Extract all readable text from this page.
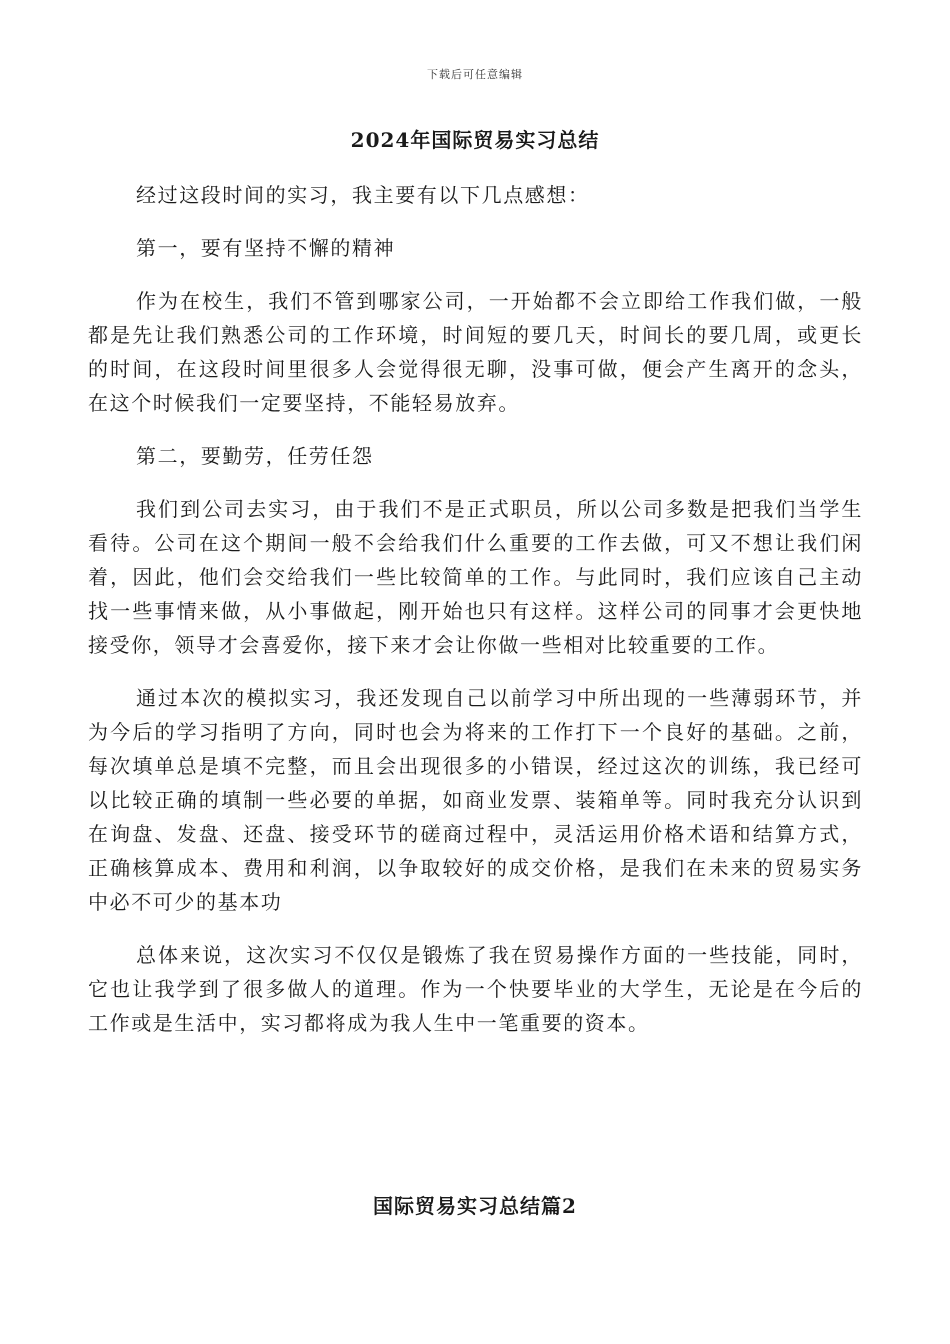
下载后可任意编辑
2024年国际贸易实习总结

经过这段时间的实习，我主要有以下几点感想：

第一，要有坚持不懈的精神

作为在校生，我们不管到哪家公司，一开始都不会立即给工作我们做，一般都是先让我们熟悉公司的工作环境，时间短的要几天，时间长的要几周，或更长的时间，在这段时间里很多人会觉得很无聊，没事可做，便会产生离开的念头，在这个时候我们一定要坚持，不能轻易放弃。

第二，要勤劳，任劳任怨

我们到公司去实习，由于我们不是正式职员，所以公司多数是把我们当学生看待。公司在这个期间一般不会给我们什么重要的工作去做，可又不想让我们闲着，因此，他们会交给我们一些比较简单的工作。与此同时，我们应该自己主动找一些事情来做，从小事做起，刚开始也只有这样。这样公司的同事才会更快地接受你，领导才会喜爱你，接下来才会让你做一些相对比较重要的工作。

通过本次的模拟实习，我还发现自己以前学习中所出现的一些薄弱环节，并为今后的学习指明了方向，同时也会为将来的工作打下一个良好的基础。之前，每次填单总是填不完整，而且会出现很多的小错误，经过这次的训练，我已经可以比较正确的填制一些必要的单据，如商业发票、装箱单等。同时我充分认识到在询盘、发盘、还盘、接受环节的磋商过程中，灵活运用价格术语和结算方式，正确核算成本、费用和利润，以争取较好的成交价格，是我们在未来的贸易实务中必不可少的基本功

总体来说，这次实习不仅仅是锻炼了我在贸易操作方面的一些技能，同时，它也让我学到了很多做人的道理。作为一个快要毕业的大学生，无论是在今后的工作或是生活中，实习都将成为我人生中一笔重要的资本。

国际贸易实习总结篇2
